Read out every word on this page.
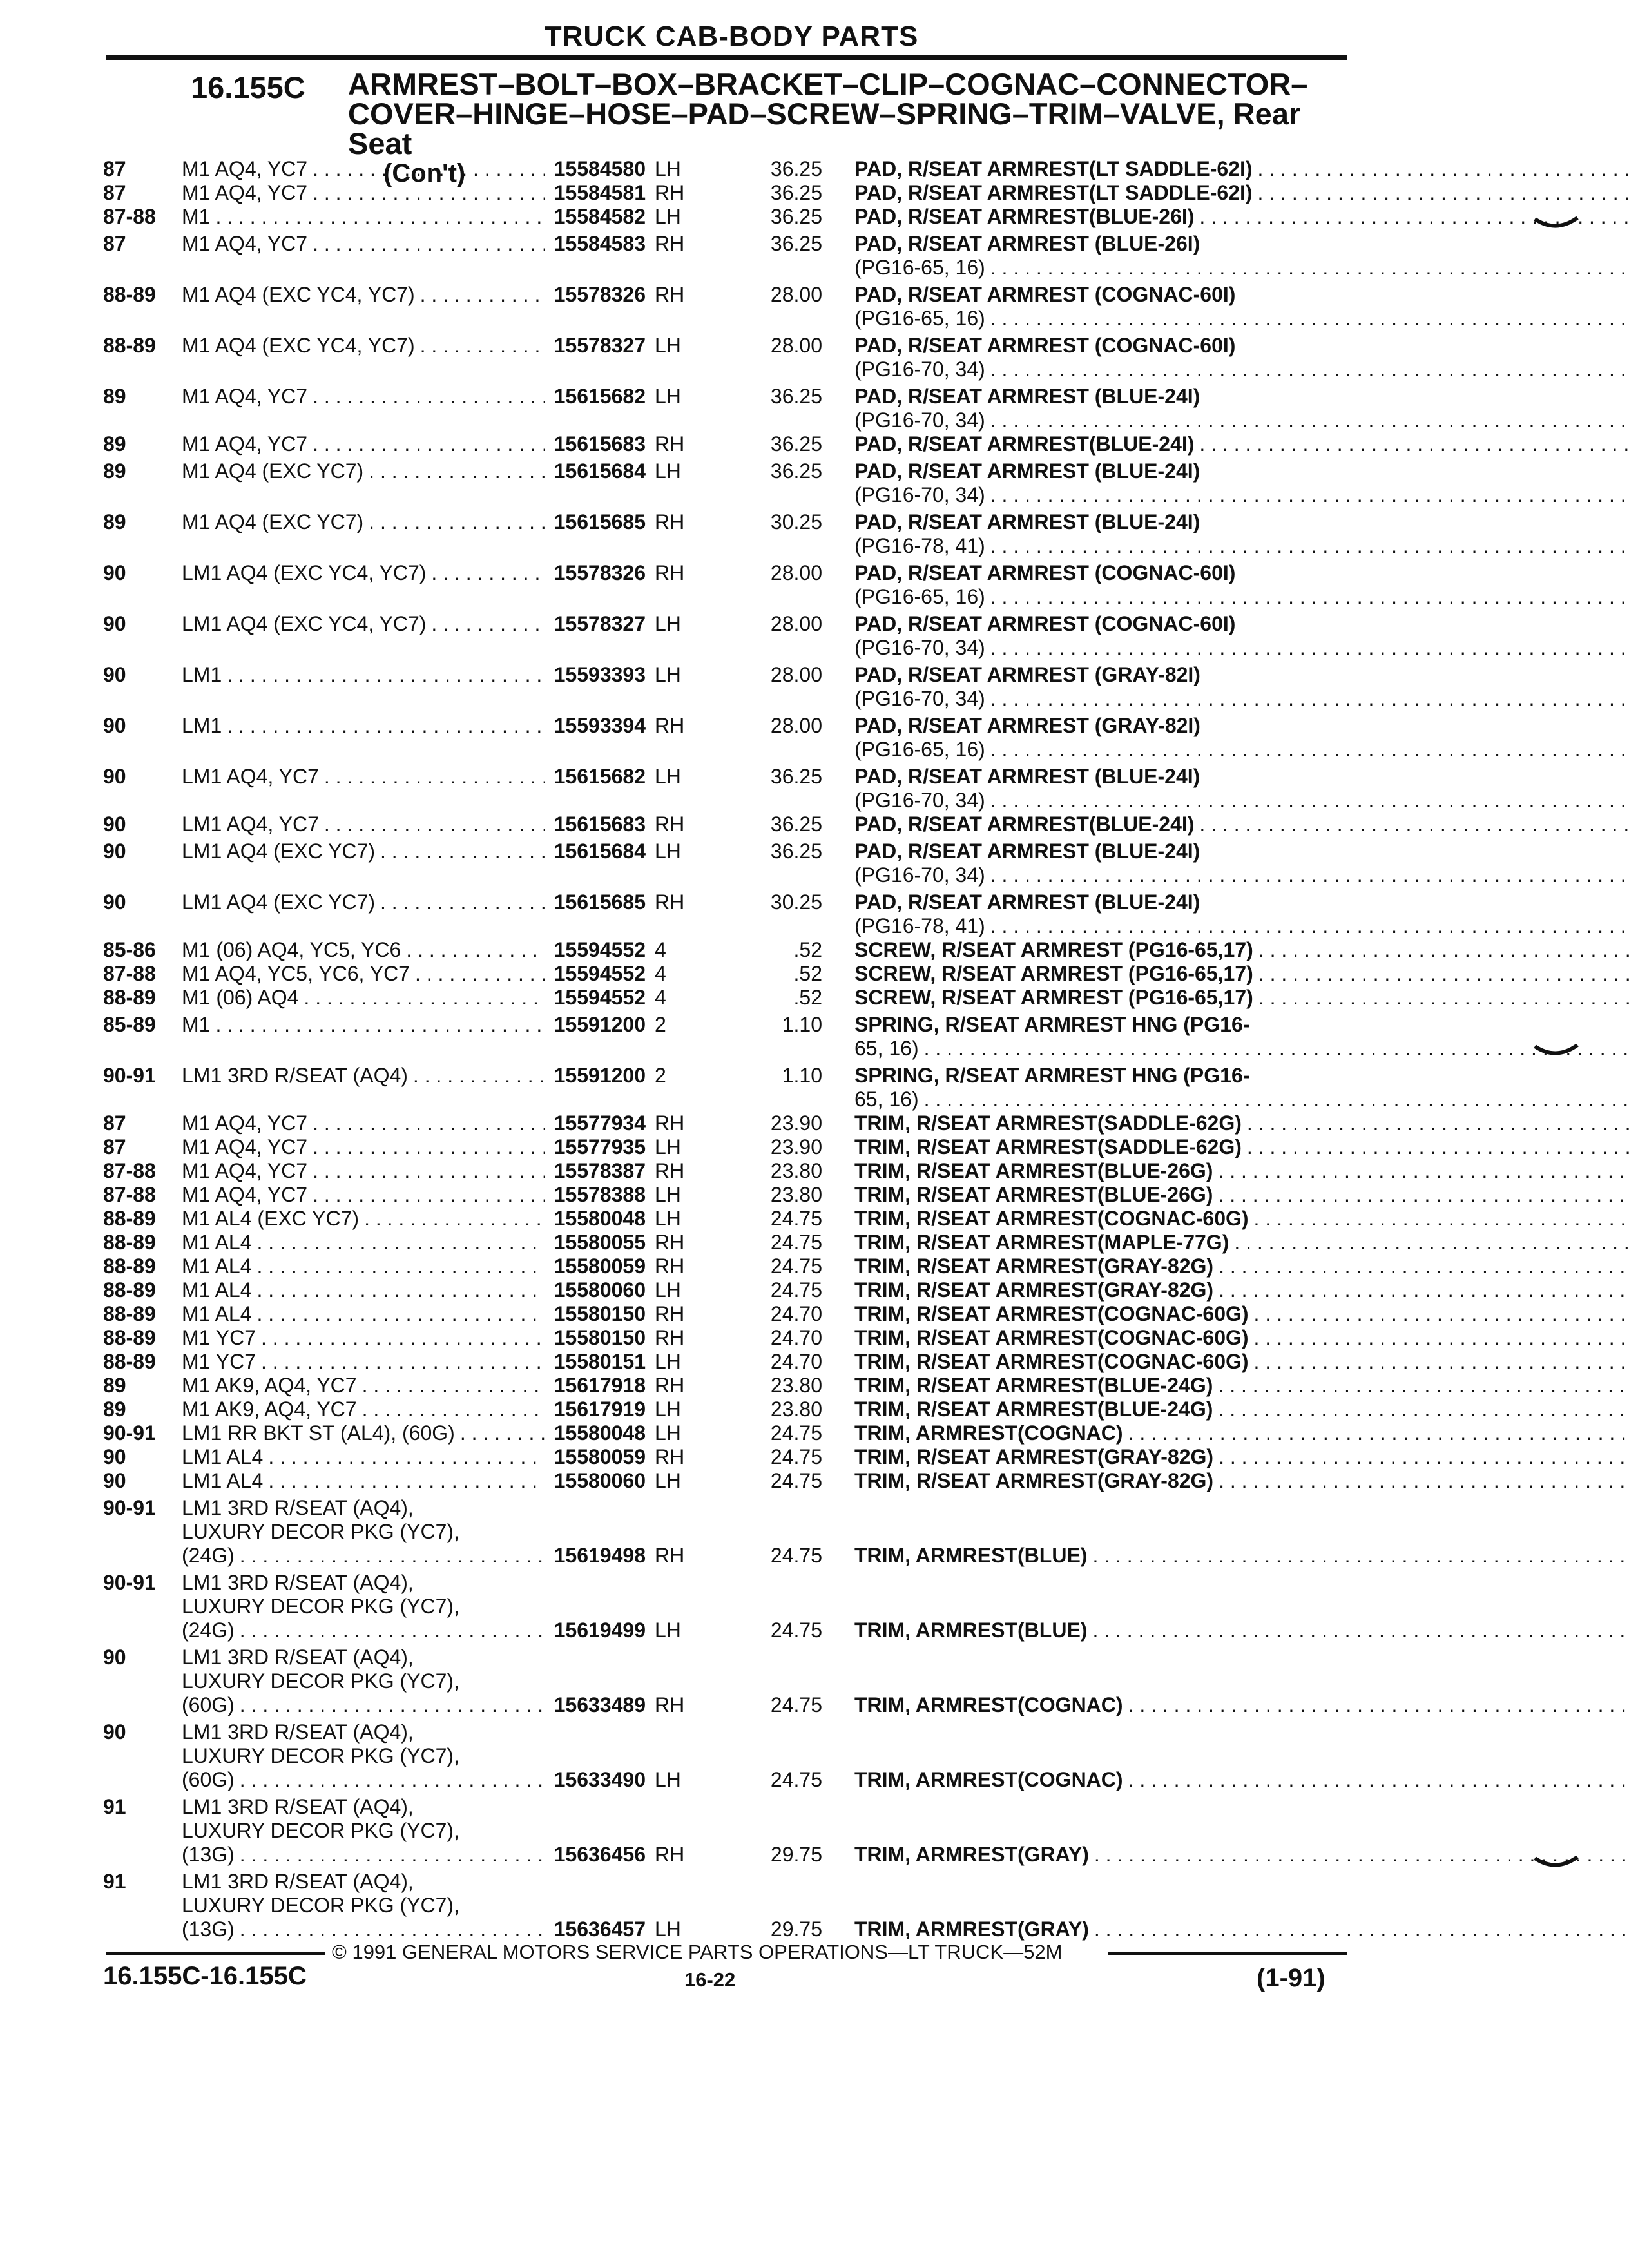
TRUCK CAB-BODY PARTS
16.155C ARMREST–BOLT–BOX–BRACKET–CLIP–COGNAC–CONNECTOR–
COVER–HINGE–HOSE–PAD–SCREW–SPRING–TRIM–VALVE, Rear Seat
(Con't)
87	M1 AQ4, YC7 . . .	15584580 LH	36.25 PAD, R/SEAT ARMREST(LT SADDLE-62I)
. . .
87	M1 AQ4, YC7 . . .	15584581 RH	36.25 PAD, R/SEAT ARMREST(LT SADDLE-62I)
. . .
87-88	M1 . . .	15584582 LH	36.25 PAD, R/SEAT ARMREST(BLUE-26I)
. . .
87	M1 AQ4, YC7 . . .	15584583 RH	36.25 PAD, R/SEAT ARMREST (BLUE-26I)
(PG16-65, 16)
. . .
88-89	M1 AQ4 (EXC YC4, YC7) . . .	15578326 RH	28.00 PAD, R/SEAT ARMREST (COGNAC-60I)
(PG16-65, 16)
. . .
88-89	M1 AQ4 (EXC YC4, YC7) . . .	15578327 LH	28.00 PAD, R/SEAT ARMREST (COGNAC-60I)
(PG16-70, 34)
. . .
89	M1 AQ4, YC7 . . .	15615682 LH	36.25 PAD, R/SEAT ARMREST (BLUE-24I)
(PG16-70, 34)
. . .
89	M1 AQ4, YC7 . . .	15615683 RH	36.25 PAD, R/SEAT ARMREST(BLUE-24I)
. . .
89	M1 AQ4 (EXC YC7) . . .	15615684 LH	36.25 PAD, R/SEAT ARMREST (BLUE-24I)
(PG16-70, 34)
. . .
89	M1 AQ4 (EXC YC7) . . .	15615685 RH	30.25 PAD, R/SEAT ARMREST (BLUE-24I)
(PG16-78, 41)
. . .
90	LM1 AQ4 (EXC YC4, YC7) . . .	15578326 RH	28.00 PAD, R/SEAT ARMREST (COGNAC-60I)
(PG16-65, 16)
. . .
90	LM1 AQ4 (EXC YC4, YC7) . . .	15578327 LH	28.00 PAD, R/SEAT ARMREST (COGNAC-60I)
(PG16-70, 34)
. . .
90	LM1 . . .	15593393 LH	28.00 PAD, R/SEAT ARMREST (GRAY-82I)
(PG16-70, 34)
. . .
90	LM1 . . .	15593394 RH	28.00 PAD, R/SEAT ARMREST (GRAY-82I)
(PG16-65, 16)
. . .
90	LM1 AQ4, YC7 . . .	15615682 LH	36.25 PAD, R/SEAT ARMREST (BLUE-24I)
(PG16-70, 34)
. . .
90	LM1 AQ4, YC7 . . .	15615683 RH	36.25 PAD, R/SEAT ARMREST(BLUE-24I)
. . .
90	LM1 AQ4 (EXC YC7) . . .	15615684 LH	36.25 PAD, R/SEAT ARMREST (BLUE-24I)
(PG16-70, 34)
. . .
90	LM1 AQ4 (EXC YC7) . . .	15615685 RH	30.25 PAD, R/SEAT ARMREST (BLUE-24I)
(PG16-78, 41)
. . .
85-86	M1 (06) AQ4, YC5, YC6 . . .	15594552 4	.52 SCREW, R/SEAT ARMREST (PG16-65,17)
. . .
87-88	M1 AQ4, YC5, YC6, YC7 . . .	15594552 4	.52 SCREW, R/SEAT ARMREST (PG16-65,17)
. . .
88-89	M1 (06) AQ4 . . .	15594552 4	.52 SCREW, R/SEAT ARMREST (PG16-65,17)
. . .
85-89	M1 . . .	15591200 2	1.10 SPRING, R/SEAT ARMREST HNG (PG16-
65, 16)
. . .
90-91	LM1 3RD R/SEAT (AQ4) . . .	15591200 2	1.10 SPRING, R/SEAT ARMREST HNG (PG16-
65, 16)
. . .
87	M1 AQ4, YC7 . . .	15577934 RH	23.90 TRIM, R/SEAT ARMREST(SADDLE-62G)
. . .
87	M1 AQ4, YC7 . . .	15577935 LH	23.90 TRIM, R/SEAT ARMREST(SADDLE-62G)
. . .
87-88	M1 AQ4, YC7 . . .	15578387 RH	23.80 TRIM, R/SEAT ARMREST(BLUE-26G)
. . .
87-88	M1 AQ4, YC7 . . .	15578388 LH	23.80 TRIM, R/SEAT ARMREST(BLUE-26G)
. . .
88-89	M1 AL4 (EXC YC7) . . .	15580048 LH	24.75 TRIM, R/SEAT ARMREST(COGNAC-60G)
. . .
88-89	M1 AL4 . . .	15580055 RH	24.75 TRIM, R/SEAT ARMREST(MAPLE-77G)
. . .
88-89	M1 AL4 . . .	15580059 RH	24.75 TRIM, R/SEAT ARMREST(GRAY-82G)
. . .
88-89	M1 AL4 . . .	15580060 LH	24.75 TRIM, R/SEAT ARMREST(GRAY-82G)
. . .
88-89	M1 AL4 . . .	15580150 RH	24.70 TRIM, R/SEAT ARMREST(COGNAC-60G)
. . .
88-89	M1 YC7 . . .	15580150 RH	24.70 TRIM, R/SEAT ARMREST(COGNAC-60G)
. . .
88-89	M1 YC7 . . .	15580151 LH	24.70 TRIM, R/SEAT ARMREST(COGNAC-60G)
. . .
89	M1 AK9, AQ4, YC7 . . .	15617918 RH	23.80 TRIM, R/SEAT ARMREST(BLUE-24G)
. . .
89	M1 AK9, AQ4, YC7 . . .	15617919 LH	23.80 TRIM, R/SEAT ARMREST(BLUE-24G)
. . .
90-91	LM1 RR BKT ST (AL4), (60G) . . .	15580048 LH	24.75 TRIM, ARMREST(COGNAC)
. . .
90	LM1 AL4 . . .	15580059 RH	24.75 TRIM, R/SEAT ARMREST(GRAY-82G)
. . .
90	LM1 AL4 . . .	15580060 LH	24.75 TRIM, R/SEAT ARMREST(GRAY-82G)
. . .
90-91	LM1 3RD R/SEAT (AQ4),
LUXURY DECOR PKG (YC7),
(24G) . . .	15619498 RH	24.75 TRIM, ARMREST(BLUE)
. . .
90-91	LM1 3RD R/SEAT (AQ4),
LUXURY DECOR PKG (YC7),
(24G) . . .	15619499 LH	24.75 TRIM, ARMREST(BLUE)
. . .
90	LM1 3RD R/SEAT (AQ4),
LUXURY DECOR PKG (YC7),
(60G) . . .	15633489 RH	24.75 TRIM, ARMREST(COGNAC)
. . .
90	LM1 3RD R/SEAT (AQ4),
LUXURY DECOR PKG (YC7),
(60G) . . .	15633490 LH	24.75 TRIM, ARMREST(COGNAC)
. . .
91	LM1 3RD R/SEAT (AQ4),
LUXURY DECOR PKG (YC7),
(13G) . . .	15636456 RH	29.75 TRIM, ARMREST(GRAY)
. . .
91	LM1 3RD R/SEAT (AQ4),
LUXURY DECOR PKG (YC7),
(13G) . . .	15636457 LH	29.75 TRIM, ARMREST(GRAY)
. . .
© 1991 GENERAL MOTORS SERVICE PARTS OPERATIONS—LT TRUCK—52M
16.155C-16.155C	16-22	(1-91)
